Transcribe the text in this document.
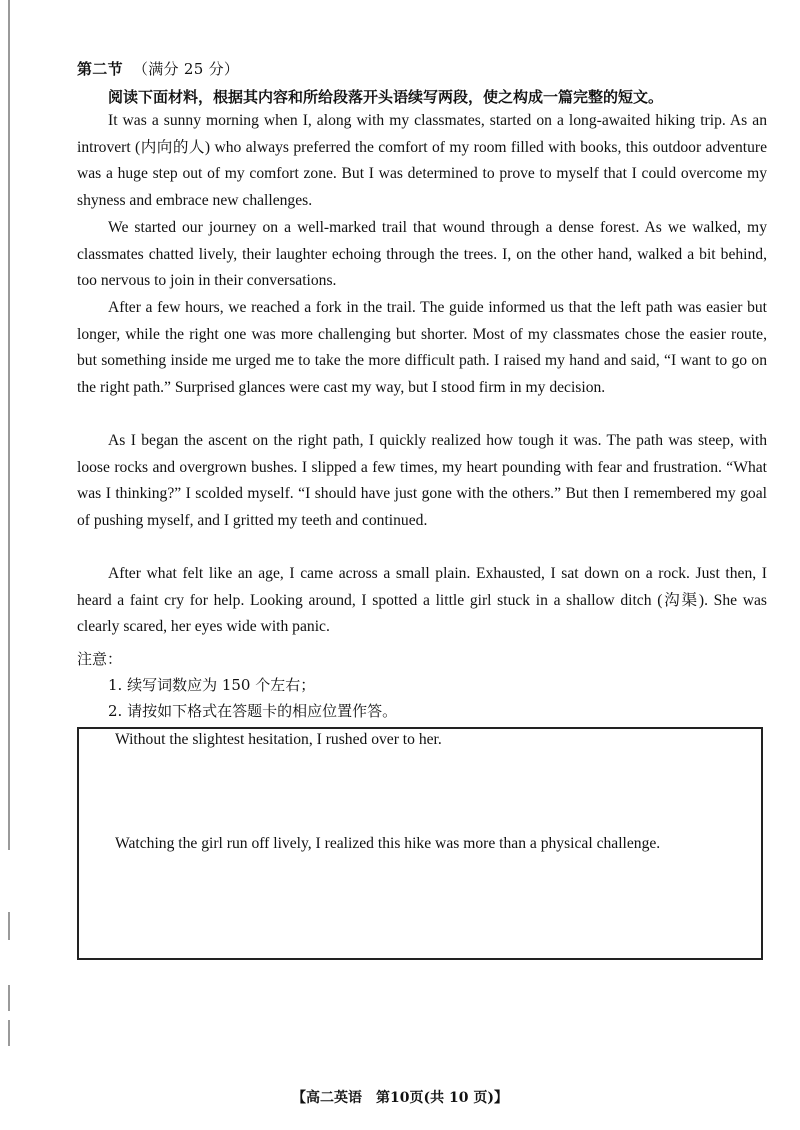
第二节 （满分 25 分）
阅读下面材料，根据其内容和所给段落开头语续写两段，使之构成一篇完整的短文。

It was a sunny morning when I, along with my classmates, started on a long-awaited hiking trip. As an introvert (内向的人) who always preferred the comfort of my room filled with books, this outdoor adventure was a huge step out of my comfort zone. But I was determined to prove to myself that I could overcome my shyness and embrace new challenges.

We started our journey on a well-marked trail that wound through a dense forest. As we walked, my classmates chatted lively, their laughter echoing through the trees. I, on the other hand, walked a bit behind, too nervous to join in their conversations.

After a few hours, we reached a fork in the trail. The guide informed us that the left path was easier but longer, while the right one was more challenging but shorter. Most of my classmates chose the easier route, but something inside me urged me to take the more difficult path. I raised my hand and said, “I want to go on the right path.” Surprised glances were cast my way, but I stood firm in my decision.

As I began the ascent on the right path, I quickly realized how tough it was. The path was steep, with loose rocks and overgrown bushes. I slipped a few times, my heart pounding with fear and frustration. “What was I thinking?” I scolded myself. “I should have just gone with the others.” But then I remembered my goal of pushing myself, and I gritted my teeth and continued.

After what felt like an age, I came across a small plain. Exhausted, I sat down on a rock. Just then, I heard a faint cry for help. Looking around, I spotted a little girl stuck in a shallow ditch (沟渠). She was clearly scared, her eyes wide with panic.

注意：
1. 续写词数应为 150 个左右；
2. 请按如下格式在答题卡的相应位置作答。
Without the slightest hesitation, I rushed over to her.
Watching the girl run off lively, I realized this hike was more than a physical challenge.
【高二英语　第10页(共 10 页)】
